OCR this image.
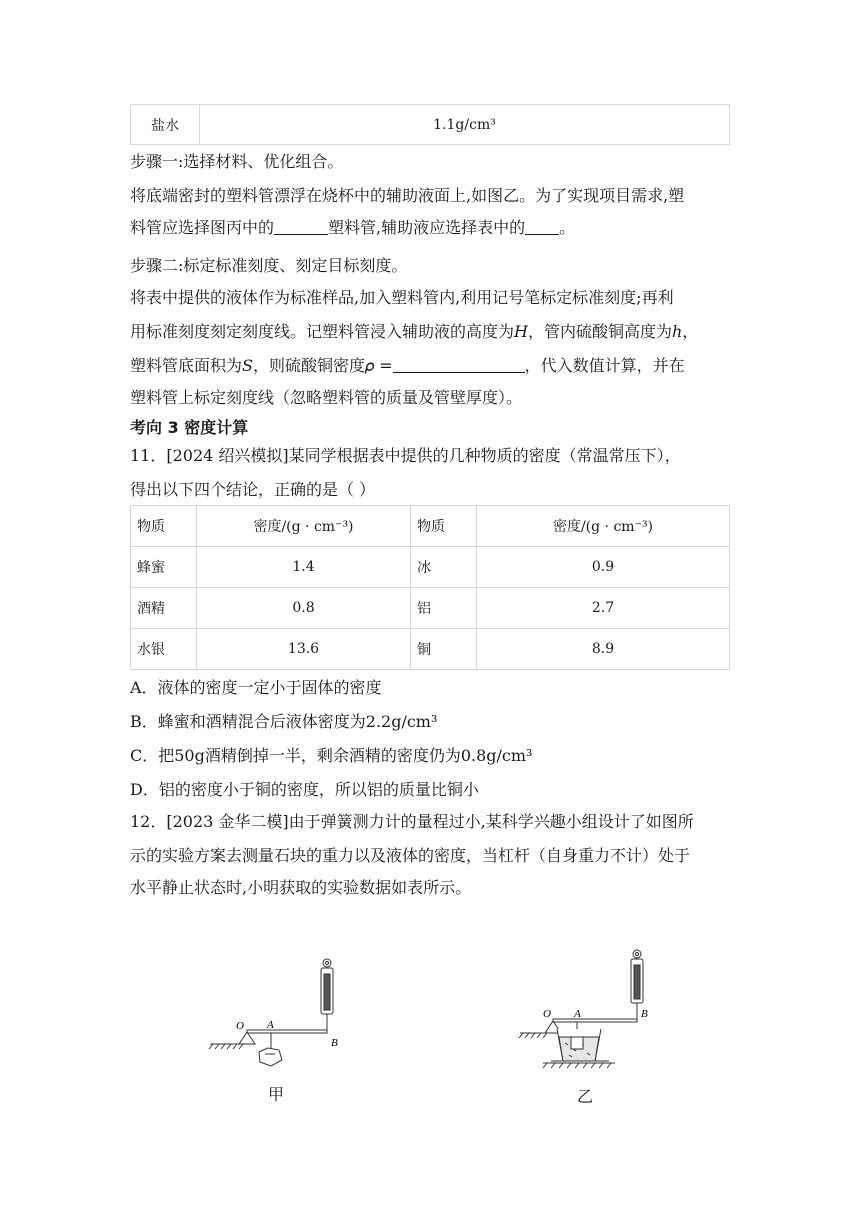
盐水	1.1g/cm³

步骤一:选择材料、优化组合。

将底端密封的塑料管漂浮在烧杯中的辅助液面上,如图乙。为了实现项目需求,塑

料管应选择图丙中的	塑料管,辅助液应选择表中的 。

步骤二:标定标准刻度、刻定目标刻度。

将表中提供的液体作为标准样品,加入塑料管内,利用记号笔标定标准刻度;再利

用标准刻度刻定刻度线。记塑料管浸入辅助液的高度为𝐻，管内硫酸铜高度为ℎ，

塑料管底面积为𝑆，则硫酸铜密度𝜌 =	，代入数值计算，并在

塑料管上标定刻度线（忽略塑料管的质量及管壁厚度）。

考向 3 密度计算

11．[2024 绍兴模拟]某同学根据表中提供的几种物质的密度（常温常压下），

得出以下四个结论，正确的是（ ）

物质	密度/(g · cm⁻³)	物质	密度/(g · cm⁻³)
蜂蜜	1.4	冰	0.9
酒精	0.8	铝	2.7
水银	13.6	铜	8.9

A．液体的密度一定小于固体的密度

B．蜂蜜和酒精混合后液体密度为2.2g/cm³

C．把50g酒精倒掉一半，剩余酒精的密度仍为0.8g/cm³

D．铝的密度小于铜的密度，所以铝的质量比铜小

12．[2023 金华二模]由于弹簧测力计的量程过小,某科学兴趣小组设计了如图所

示的实验方案去测量石块的重力以及液体的密度，当杠杆（自身重力不计）处于

水平静止状态时,小明获取的实验数据如表所示。

O A
B
甲
O A	B
乙
